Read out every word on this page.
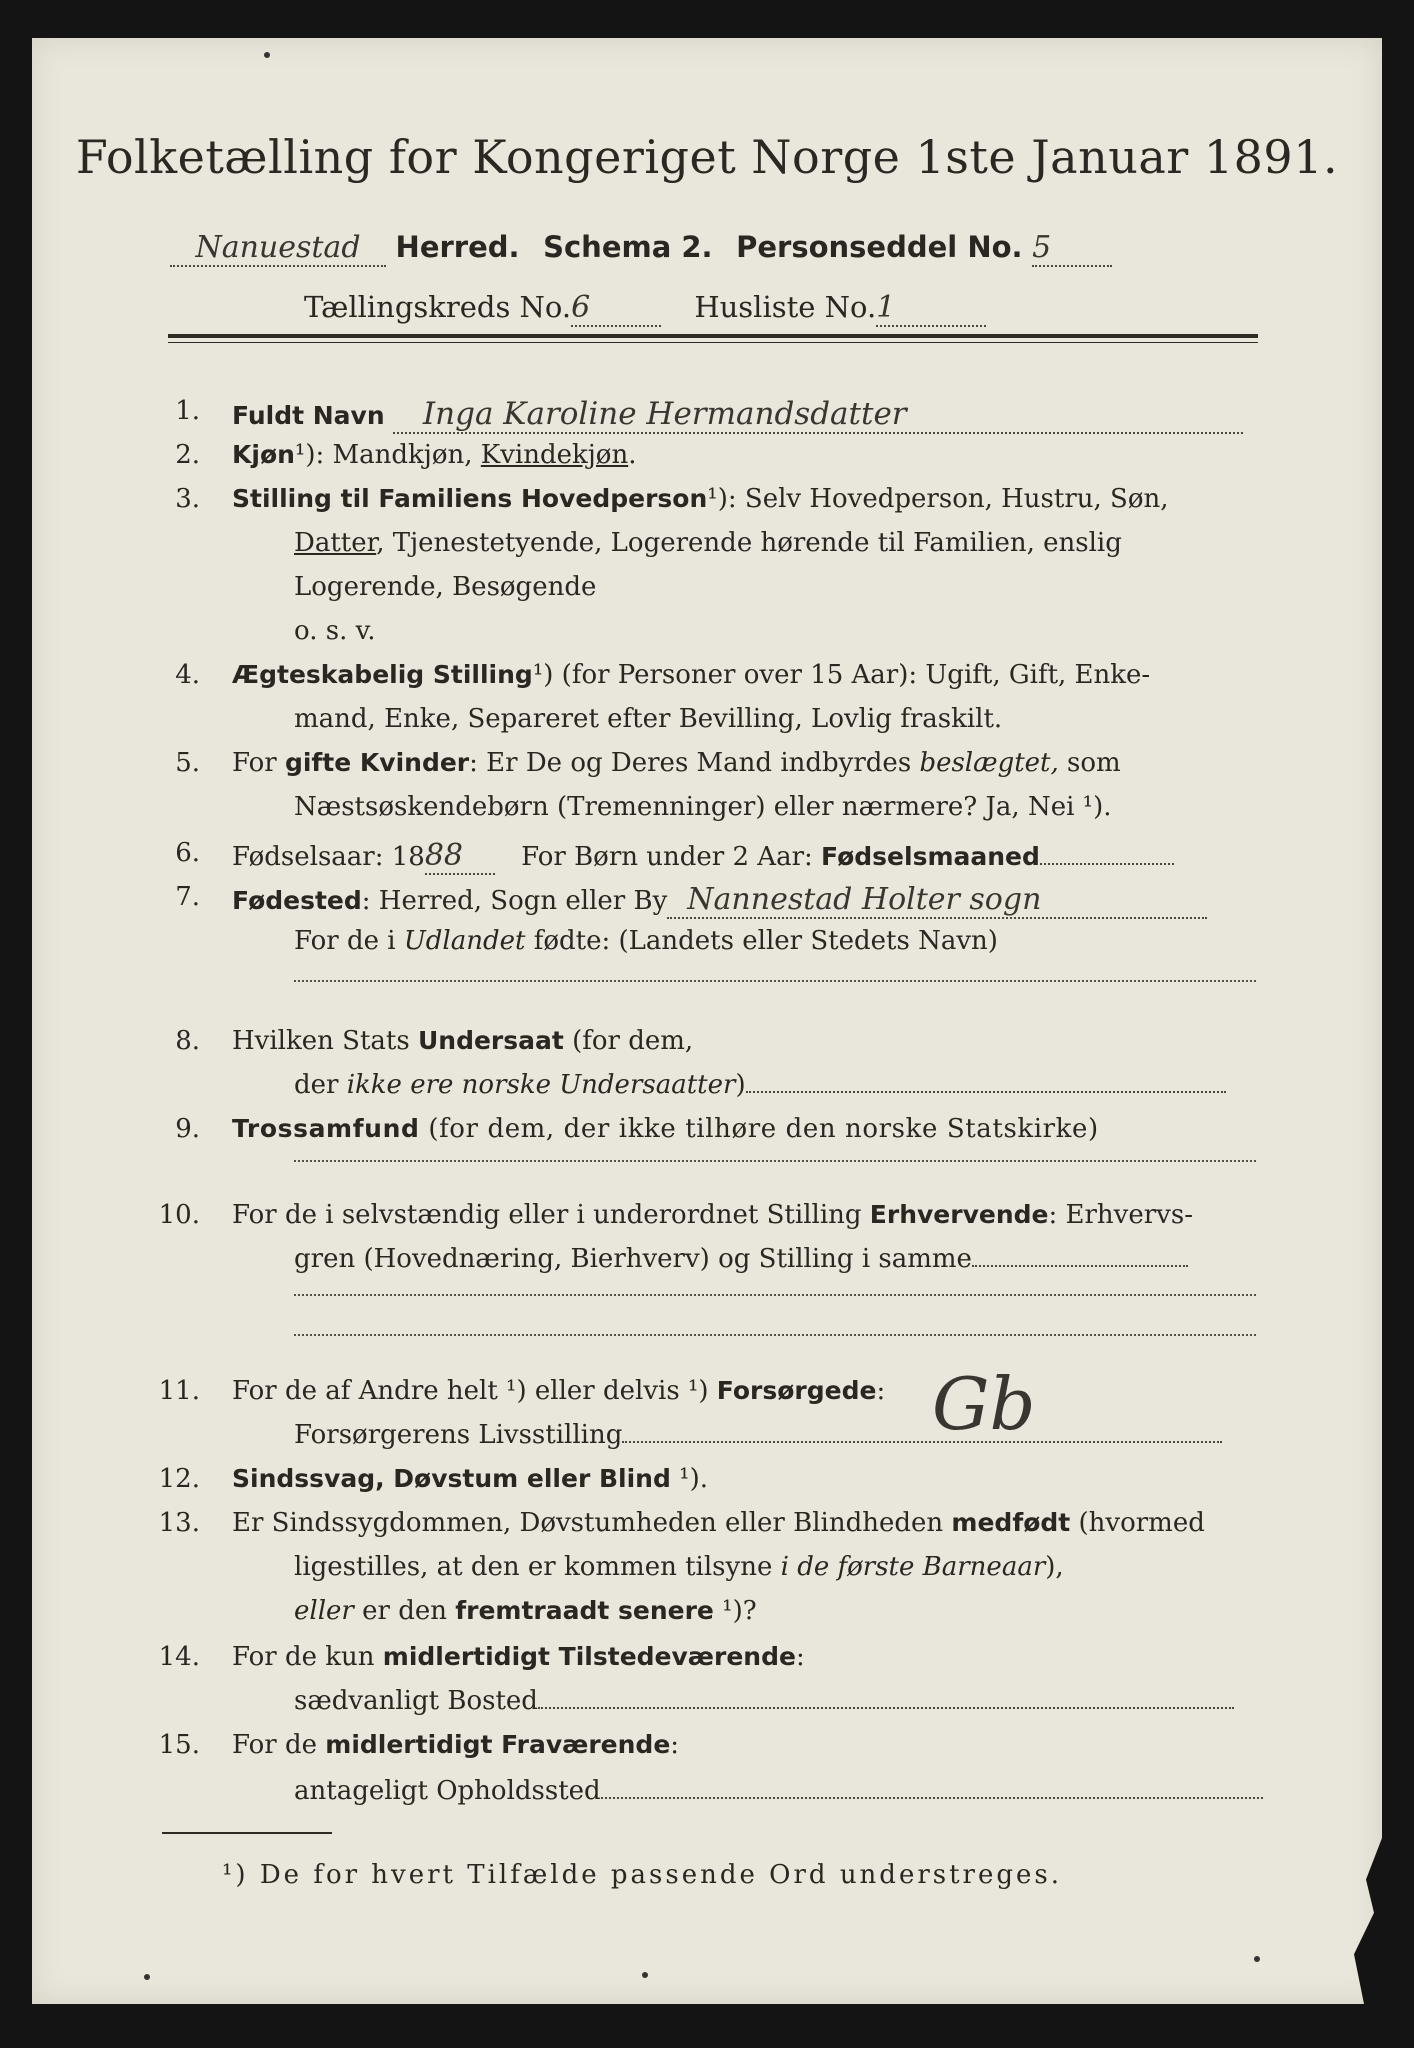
Folketælling for Kongeriget Norge 1ste Januar 1891.
Nanuestad Herred. Schema 2. Personseddel No. 5
Tællingskreds No.6	Husliste No.1
1. Fuldt Navn Inga Karoline Hermandsdatter
2. Kjøn¹): Mandkjøn, Kvindekjøn.
3. Stilling til Familiens Hovedperson¹): Selv Hovedperson, Hustru, Søn,
Datter, Tjenestetyende, Logerende hørende til Familien, enslig
Logerende, Besøgende
o. s. v.
4. Ægteskabelig Stilling¹) (for Personer over 15 Aar): Ugift, Gift, Enke-
mand, Enke, Separeret efter Bevilling, Lovlig fraskilt.
5. For gifte Kvinder: Er De og Deres Mand indbyrdes beslægtet, som
Næstsøskendebørn (Tremenninger) eller nærmere? Ja, Nei ¹).
6. Fødselsaar: 1888 For Børn under 2 Aar: Fødselsmaaned
7. Fødested: Herred, Sogn eller By Nannestad Holter sogn
For de i Udlandet fødte: (Landets eller Stedets Navn)
8. Hvilken Stats Undersaat (for dem,
der ikke ere norske Undersaatter)
9. Trossamfund (for dem, der ikke tilhøre den norske Statskirke)
10. For de i selvstændig eller i underordnet Stilling Erhvervende: Erhvervs-
gren (Hovednæring, Bierhverv) og Stilling i samme
11. For de af Andre helt ¹) eller delvis ¹) Forsørgede:
Forsørgerens Livsstilling	Gb
12. Sindssvag, Døvstum eller Blind ¹).
13. Er Sindssygdommen, Døvstumheden eller Blindheden medfødt (hvormed
ligestilles, at den er kommen tilsyne i de første Barneaar),
eller er den fremtraadt senere ¹)?
14. For de kun midlertidigt Tilstedeværende:
sædvanligt Bosted
15. For de midlertidigt Fraværende:
antageligt Opholdssted
¹) De for hvert Tilfælde passende Ord understreges.
